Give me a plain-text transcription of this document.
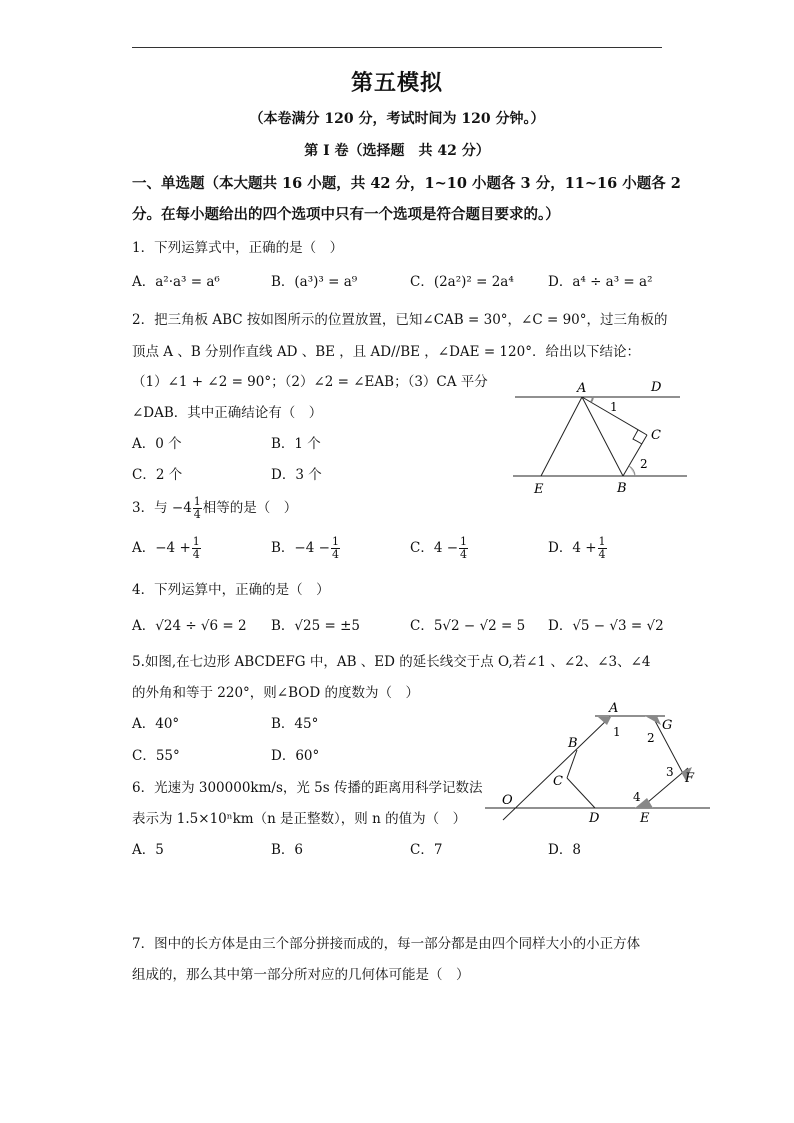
第五模拟
（本卷满分 120 分，考试时间为 120 分钟。）
第 I 卷（选择题　共 42 分）
一、单选题（本大题共 16 小题，共 42 分，1~10 小题各 3 分，11~16 小题各 2
分。在每小题给出的四个选项中只有一个选项是符合题目要求的。）
1．下列运算式中，正确的是（　）
A．a²·a³ = a⁶	B．(a³)³ = a⁹	C．(2a²)² = 2a⁴	D．a⁴ ÷ a³ = a²
2．把三角板 ABC 按如图所示的位置放置，已知∠CAB = 30°，∠C = 90°，过三角板的
顶点 A 、B 分别作直线 AD 、BE ，且 AD//BE ，∠DAE = 120°．给出以下结论：
（1）∠1 + ∠2 = 90°；（2）∠2 = ∠EAB；（3）CA 平分
∠DAB．其中正确结论有（　）
A．0 个	B．1 个
C．2 个	D．3 个
A	D
C
E	B
1
2
3．与 $-4 \frac{1}{4}$ 相等的是（　）
A．$-4 + \frac{1}{4}$	B．$-4 - \frac{1}{4}$	C．$4 - \frac{1}{4}$	D．$4 + \frac{1}{4}$
4．下列运算中，正确的是（　）
A．√24 ÷ √6 = 2 B．√25 = ±5	C．5√2 − √2 = 5 D．√5 − √3 = √2
5.如图,在七边形 ABCDEFG 中，AB 、ED 的延长线交于点 O,若∠1 、∠2、∠3、∠4
的外角和等于 220°，则∠BOD 的度数为（　）
A．40°	B．45°
C．55°	D．60°
A
G
B
C	F
O
D	E
1 2
3
4
6．光速为 300000km/s，光 5s 传播的距离用科学记数法
表示为 1.5×10ⁿkm（n 是正整数），则 n 的值为（　）
A．5	B．6	C．7	D．8
7．图中的长方体是由三个部分拼接而成的，每一部分都是由四个同样大小的小正方体
组成的，那么其中第一部分所对应的几何体可能是（　）
